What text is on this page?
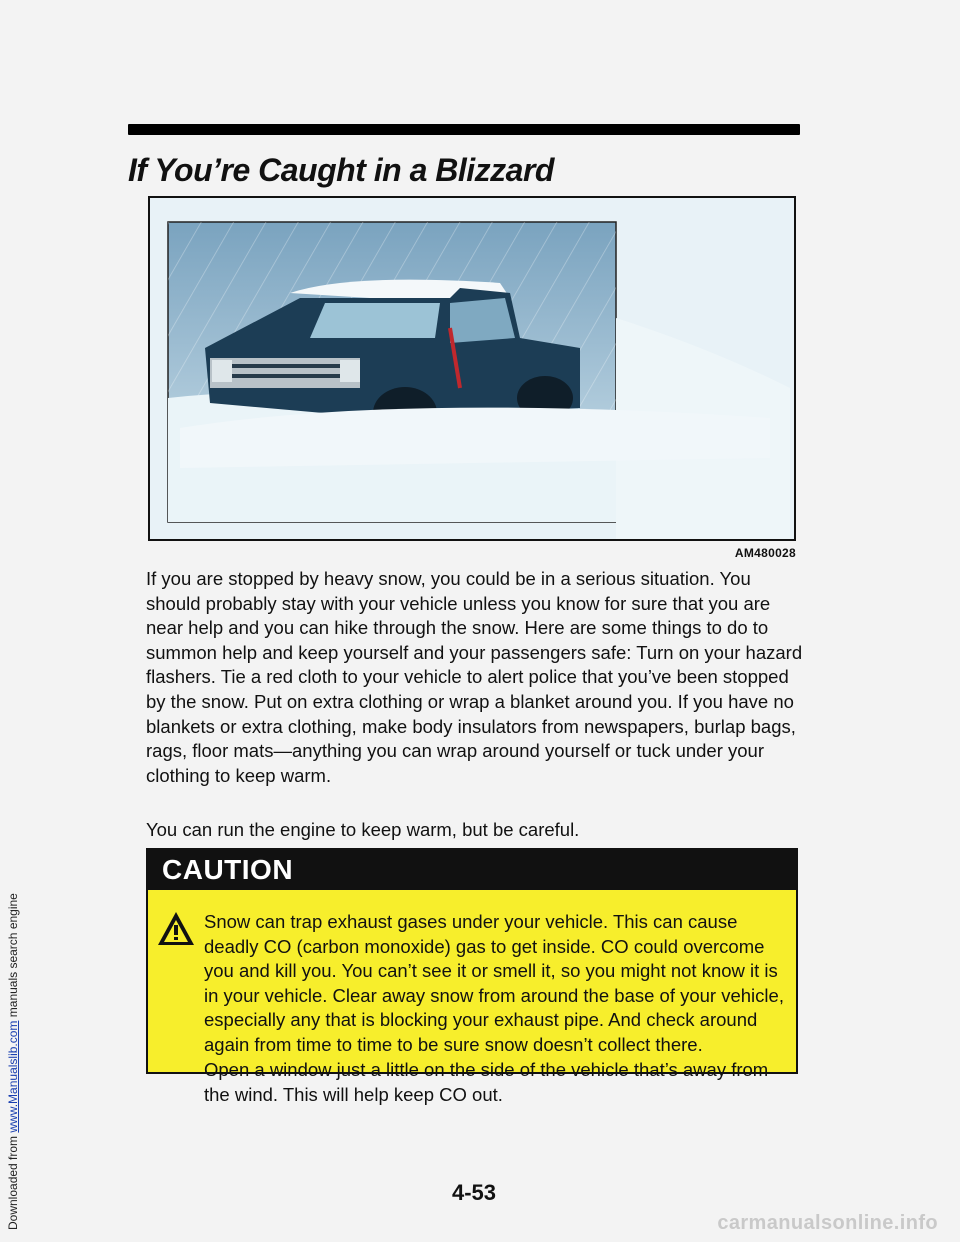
Downloaded from www.Manualslib.com manuals search engine
If You’re Caught in a Blizzard
AM480028

If you are stopped by heavy snow, you could be in a serious situation. You should probably stay with your vehicle unless you know for sure that you are near help and you can hike through the snow. Here are some things to do to summon help and keep yourself and your passengers safe: Turn on your hazard flashers. Tie a red cloth to your vehicle to alert police that you’ve been stopped by the snow. Put on extra clothing or wrap a blanket around you. If you have no blankets or extra clothing, make body insulators from newspapers, burlap bags, rags, floor mats—anything you can wrap around yourself or tuck under your clothing to keep warm.

You can run the engine to keep warm, but be careful.

CAUTION

Snow can trap exhaust gases under your vehicle. This can cause deadly CO (carbon monoxide) gas to get inside. CO could overcome you and kill you. You can’t see it or smell it, so you might not know it is in your vehicle. Clear away snow from around the base of your vehicle, especially any that is blocking your exhaust pipe. And check around again from time to time to be sure snow doesn’t collect there.

Open a window just a little on the side of the vehicle that’s away from the wind. This will help keep CO out.

4-53
carmanualsonline.info
